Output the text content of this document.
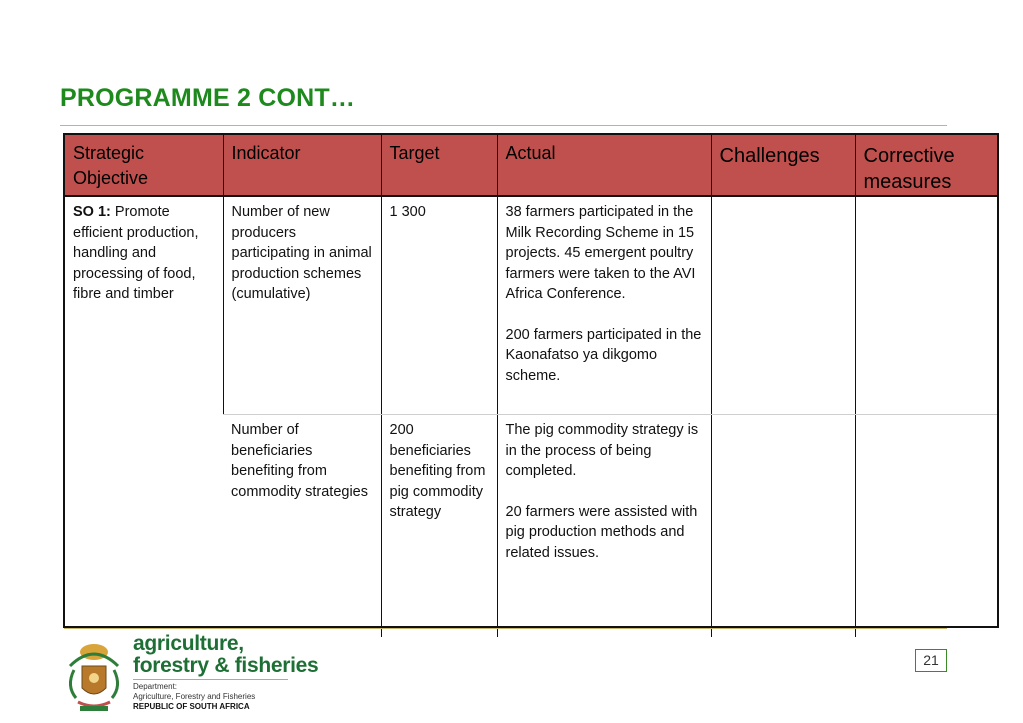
PROGRAMME 2 CONT…
Strategic Objective	Indicator	Target	Actual	Challenges	Corrective measures
SO 1: Promote efficient production, handling and processing of food, fibre and timber	Number of new producers participating in animal production schemes (cumulative)	1 300	38 farmers participated in the Milk Recording Scheme in 15 projects. 45 emergent poultry farmers were taken to the AVI Africa Conference.

200 farmers participated in the Kaonafatso ya dikgomo scheme.		

	Number of beneficiaries benefiting from commodity strategies	200 beneficiaries benefiting from pig commodity strategy	The pig commodity strategy is in the process of being completed.

20 farmers were assisted with pig production methods and related issues.		

agriculture,
forestry & fisheries
Department:
Agriculture, Forestry and Fisheries
REPUBLIC OF SOUTH AFRICA
21
